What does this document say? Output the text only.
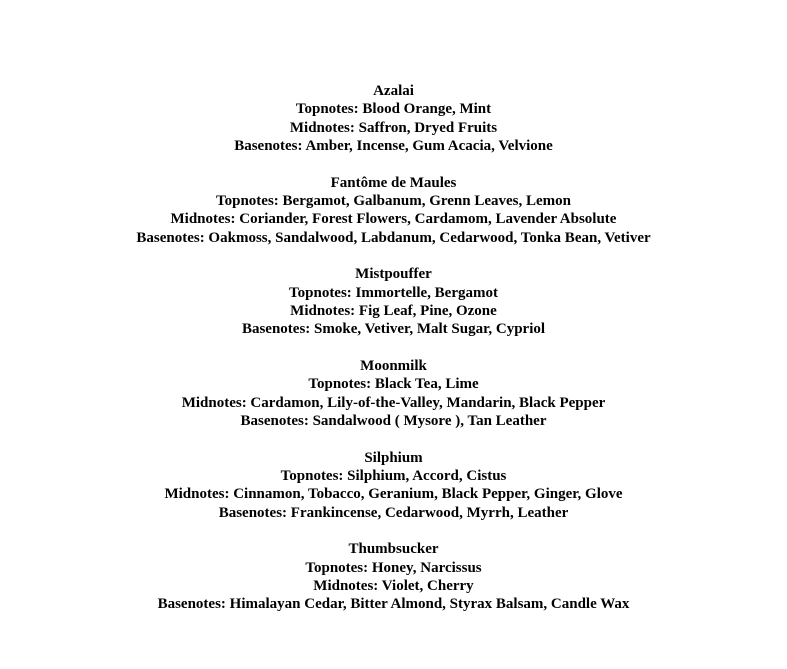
Azalai
Topnotes: Blood Orange, Mint
Midnotes: Saffron, Dryed Fruits
Basenotes: Amber, Incense, Gum Acacia, Velvione
Fantôme de Maules
Topnotes: Bergamot, Galbanum, Grenn Leaves, Lemon
Midnotes: Coriander, Forest Flowers, Cardamom, Lavender Absolute
Basenotes: Oakmoss, Sandalwood, Labdanum, Cedarwood, Tonka Bean, Vetiver
Mistpouffer
Topnotes: Immortelle, Bergamot
Midnotes: Fig Leaf, Pine, Ozone
Basenotes: Smoke, Vetiver, Malt Sugar, Cypriol
Moonmilk
Topnotes: Black Tea, Lime
Midnotes: Cardamon, Lily-of-the-Valley, Mandarin, Black Pepper
Basenotes: Sandalwood ( Mysore ), Tan Leather
Silphium
Topnotes: Silphium, Accord, Cistus
Midnotes: Cinnamon, Tobacco, Geranium, Black Pepper, Ginger, Glove
Basenotes: Frankincense, Cedarwood, Myrrh, Leather
Thumbsucker
Topnotes: Honey, Narcissus
Midnotes: Violet, Cherry
Basenotes: Himalayan Cedar, Bitter Almond, Styrax Balsam, Candle Wax
